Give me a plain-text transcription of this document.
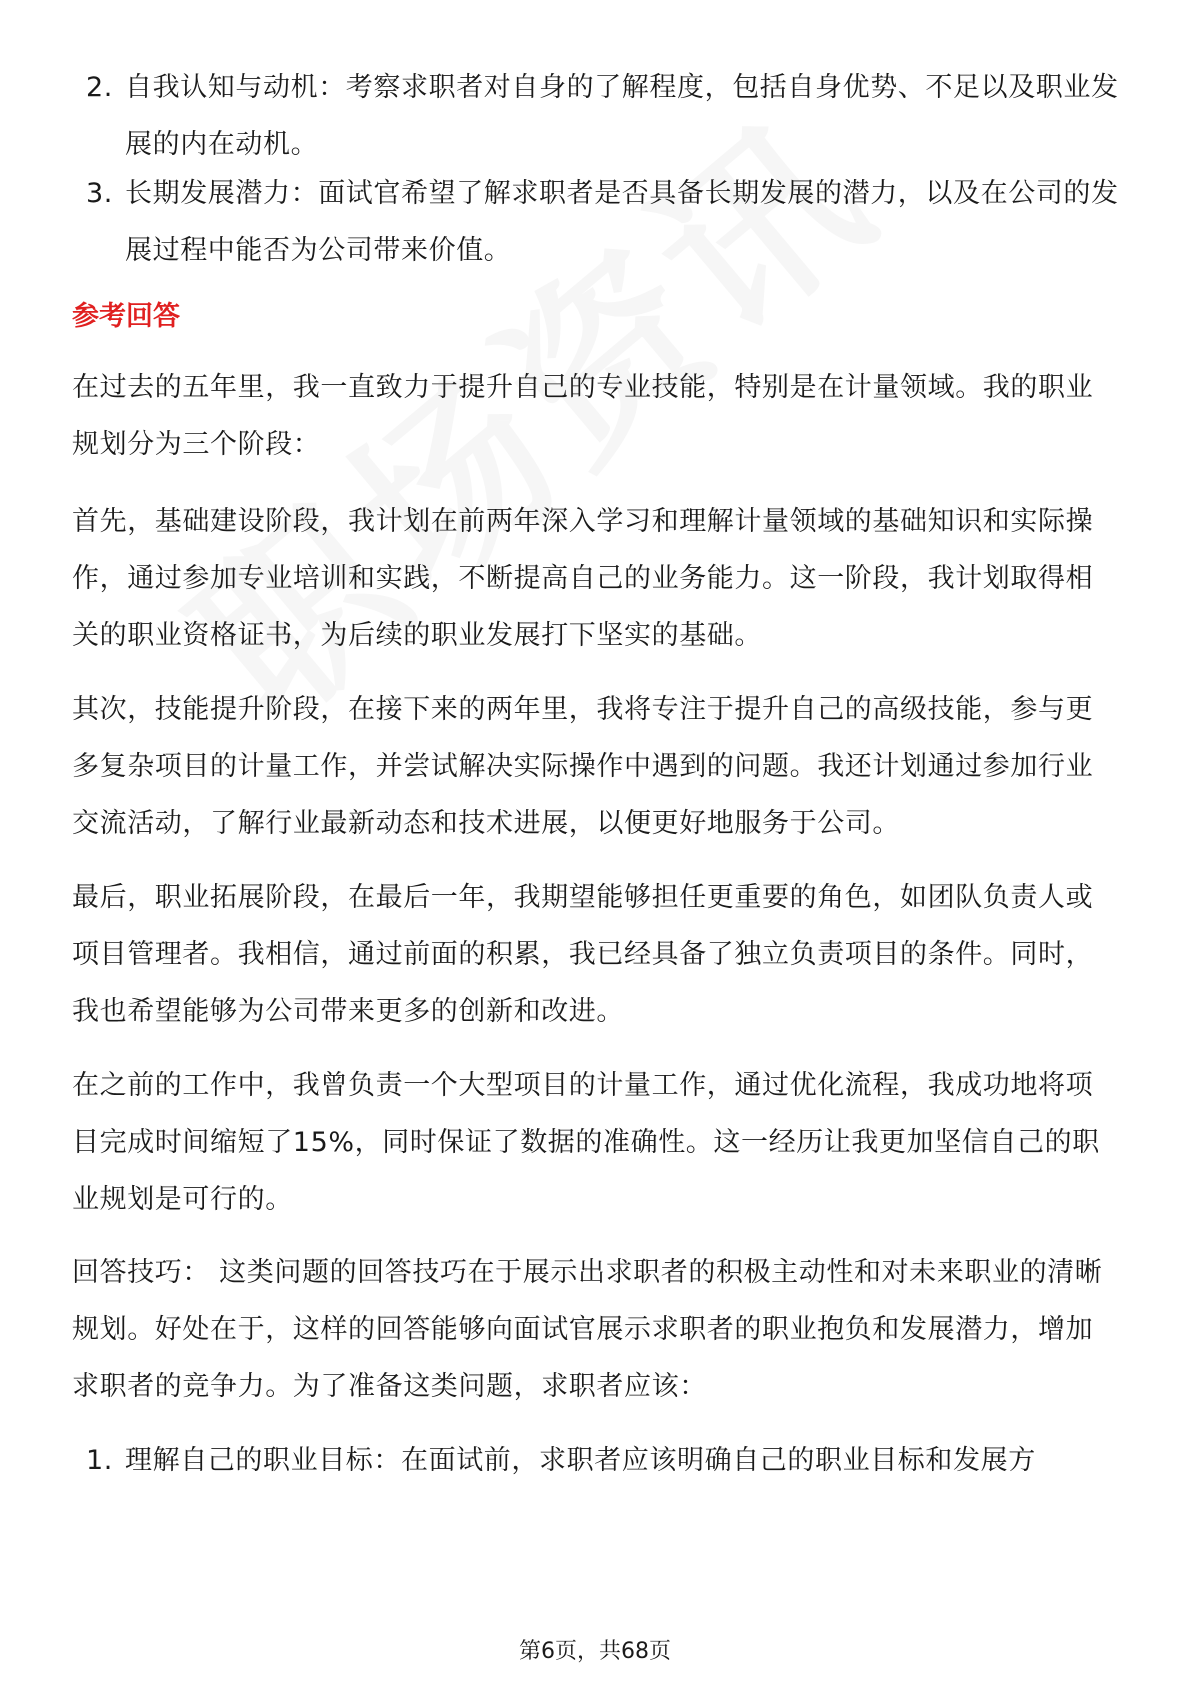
2. 自我认知与动机：考察求职者对自身的了解程度，包括自身优势、不足以及职业发展的内在动机。
3. 长期发展潜力：面试官希望了解求职者是否具备长期发展的潜力，以及在公司的发展过程中能否为公司带来价值。
参考回答
在过去的五年里，我一直致力于提升自己的专业技能，特别是在计量领域。我的职业规划分为三个阶段：
首先，基础建设阶段，我计划在前两年深入学习和理解计量领域的基础知识和实际操作，通过参加专业培训和实践，不断提高自己的业务能力。这一阶段，我计划取得相关的职业资格证书，为后续的职业发展打下坚实的基础。
其次，技能提升阶段，在接下来的两年里，我将专注于提升自己的高级技能，参与更多复杂项目的计量工作，并尝试解决实际操作中遇到的问题。我还计划通过参加行业交流活动，了解行业最新动态和技术进展，以便更好地服务于公司。
最后，职业拓展阶段，在最后一年，我期望能够担任更重要的角色，如团队负责人或项目管理者。我相信，通过前面的积累，我已经具备了独立负责项目的条件。同时，我也希望能够为公司带来更多的创新和改进。
在之前的工作中，我曾负责一个大型项目的计量工作，通过优化流程，我成功地将项目完成时间缩短了15%，同时保证了数据的准确性。这一经历让我更加坚信自己的职业规划是可行的。
回答技巧： 这类问题的回答技巧在于展示出求职者的积极主动性和对未来职业的清晰规划。好处在于，这样的回答能够向面试官展示求职者的职业抱负和发展潜力，增加求职者的竞争力。为了准备这类问题，求职者应该：
1. 理解自己的职业目标：在面试前，求职者应该明确自己的职业目标和发展方
第6页，共68页
